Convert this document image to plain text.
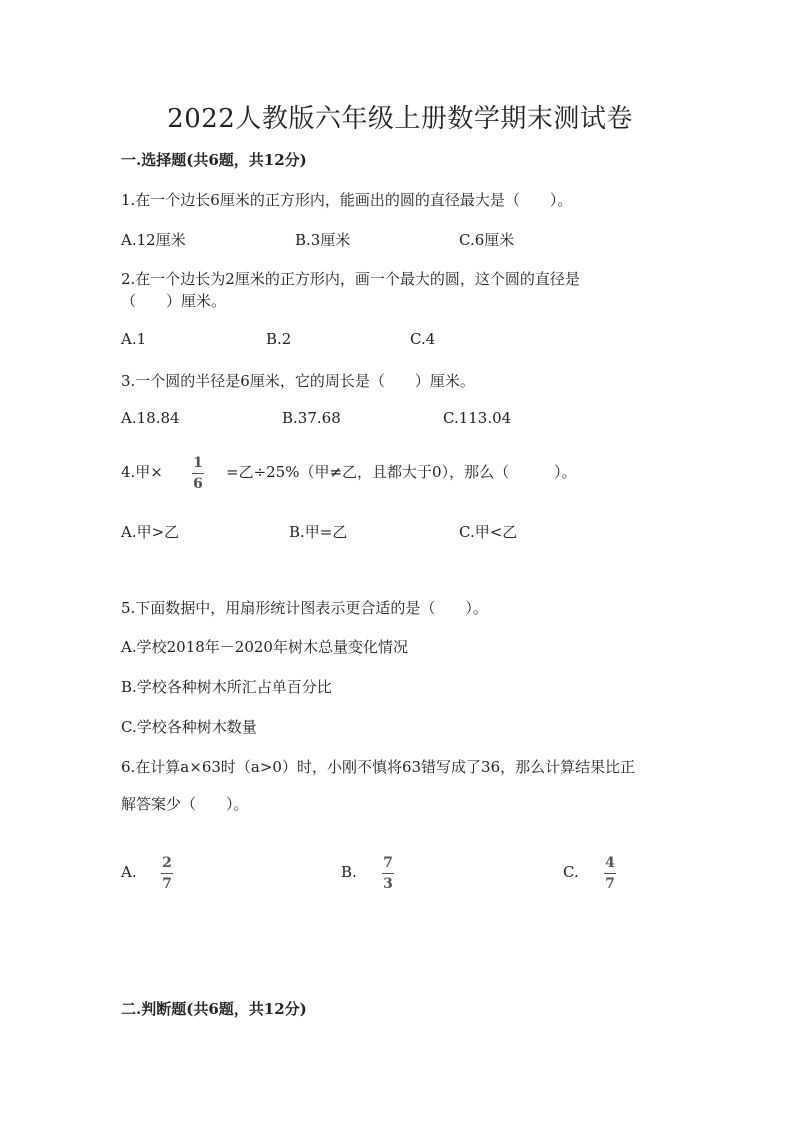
2022人教版六年级上册数学期末测试卷
一.选择题(共6题，共12分)
1.在一个边长6厘米的正方形内，能画出的圆的直径最大是（　　）。
A.12厘米	B.3厘米	C.6厘米
2.在一个边长为2厘米的正方形内，画一个最大的圆，这个圆的直径是
（　　）厘米。
A.1	B.2	C.4
3.一个圆的半径是6厘米，它的周长是（　　）厘米。
A.18.84	B.37.68	C.113.04
4.甲× 1
6
=乙÷25%（甲≠乙，且都大于0），那么（　　　）。
A.甲>乙	B.甲=乙	C.甲<乙
5.下面数据中，用扇形统计图表示更合适的是（　　）。
A.学校2018年－2020年树木总量变化情况
B.学校各种树木所汇占单百分比
C.学校各种树木数量
6.在计算a×63时（a>0）时，小刚不慎将63错写成了36，那么计算结果比正
解答案少（　　）。
A. 2
7
B. 7
3
C. 4
7
二.判断题(共6题，共12分)
